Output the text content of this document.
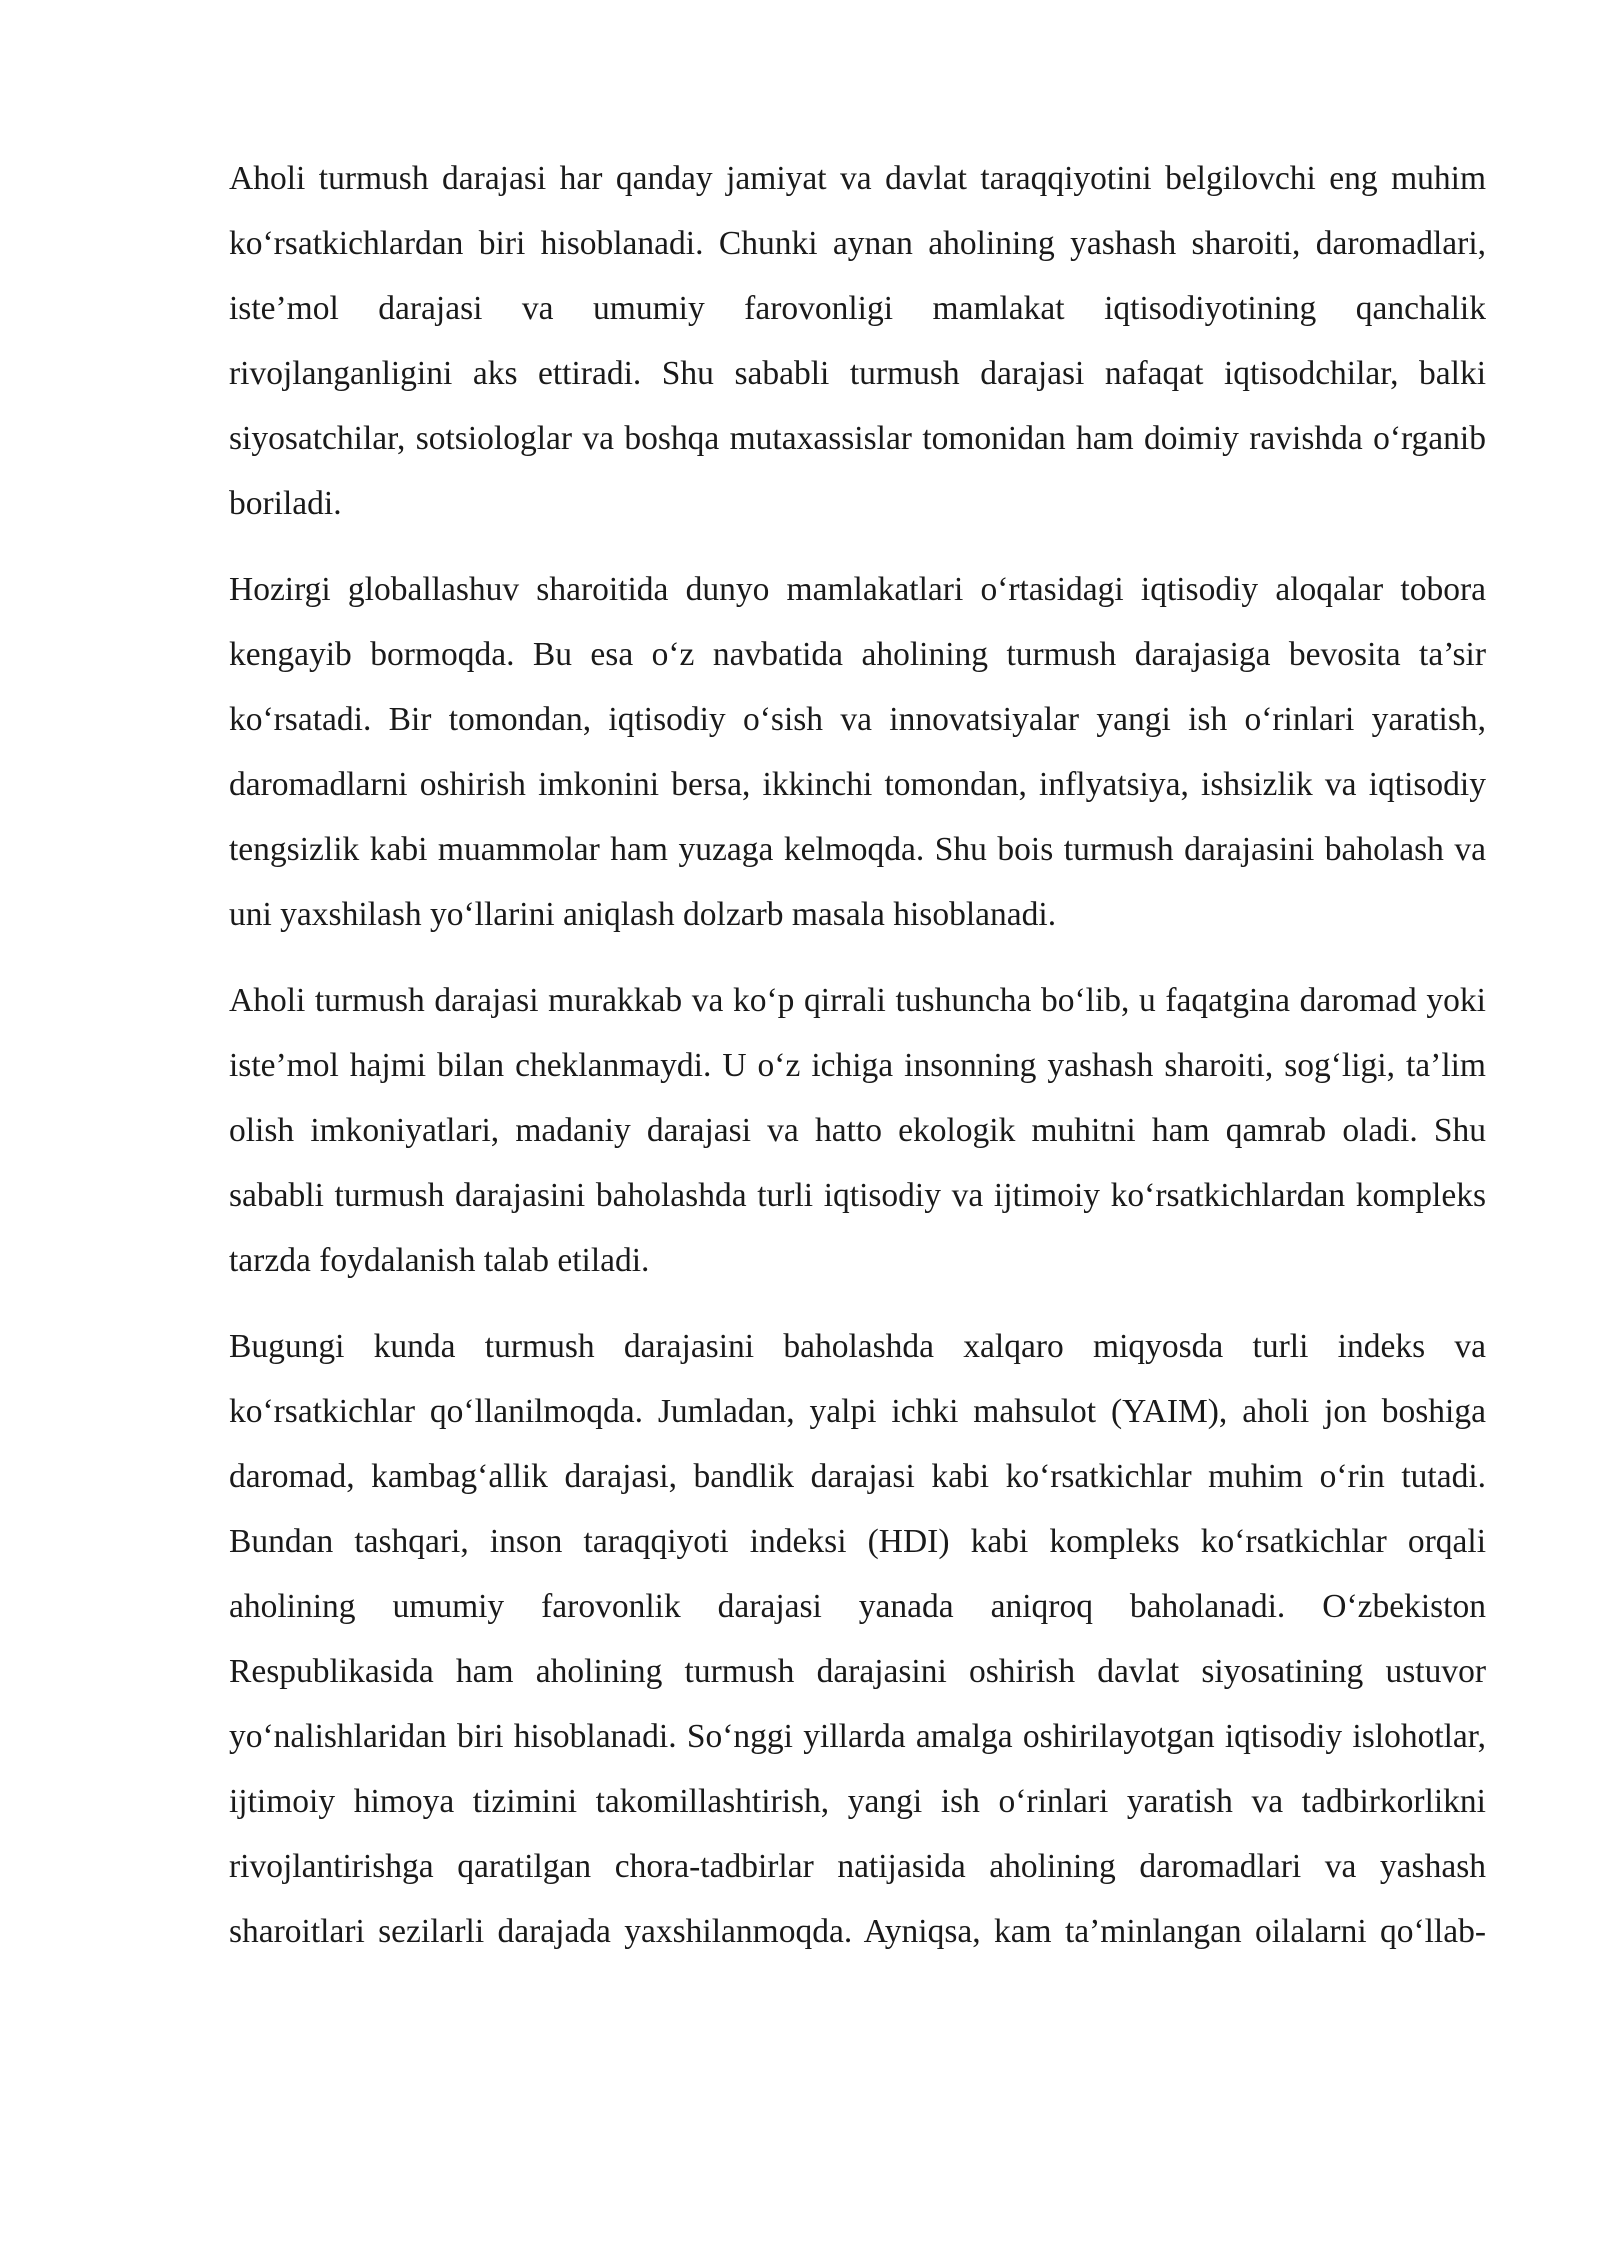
Aholi turmush darajasi har qanday jamiyat va davlat taraqqiyotini belgilovchi eng muhim ko‘rsatkichlardan biri hisoblanadi. Chunki aynan aholining yashash sharoiti, daromadlari, iste’mol darajasi va umumiy farovonligi mamlakat iqtisodiyotining qanchalik rivojlanganligini aks ettiradi. Shu sababli turmush darajasi nafaqat iqtisodchilar, balki siyosatchilar, sotsiologlar va boshqa mutaxassislar tomonidan ham doimiy ravishda o‘rganib boriladi.

Hozirgi globallashuv sharoitida dunyo mamlakatlari o‘rtasidagi iqtisodiy aloqalar tobora kengayib bormoqda. Bu esa o‘z navbatida aholining turmush darajasiga bevosita ta’sir ko‘rsatadi. Bir tomondan, iqtisodiy o‘sish va innovatsiyalar yangi ish o‘rinlari yaratish, daromadlarni oshirish imkonini bersa, ikkinchi tomondan, inflyatsiya, ishsizlik va iqtisodiy tengsizlik kabi muammolar ham yuzaga kelmoqda. Shu bois turmush darajasini baholash va uni yaxshilash yo‘llarini aniqlash dolzarb masala hisoblanadi.

Aholi turmush darajasi murakkab va ko‘p qirrali tushuncha bo‘lib, u faqatgina daromad yoki iste’mol hajmi bilan cheklanmaydi. U o‘z ichiga insonning yashash sharoiti, sog‘ligi, ta’lim olish imkoniyatlari, madaniy darajasi va hatto ekologik muhitni ham qamrab oladi. Shu sababli turmush darajasini baholashda turli iqtisodiy va ijtimoiy ko‘rsatkichlardan kompleks tarzda foydalanish talab etiladi.

Bugungi kunda turmush darajasini baholashda xalqaro miqyosda turli indeks va ko‘rsatkichlar qo‘llanilmoqda. Jumladan, yalpi ichki mahsulot (YAIM), aholi jon boshiga daromad, kambag‘allik darajasi, bandlik darajasi kabi ko‘rsatkichlar muhim o‘rin tutadi. Bundan tashqari, inson taraqqiyoti indeksi (HDI) kabi kompleks ko‘rsatkichlar orqali aholining umumiy farovonlik darajasi yanada aniqroq baholanadi. O‘zbekiston Respublikasida ham aholining turmush darajasini oshirish davlat siyosatining ustuvor yo‘nalishlaridan biri hisoblanadi. So‘nggi yillarda amalga oshirilayotgan iqtisodiy islohotlar, ijtimoiy himoya tizimini takomillashtirish, yangi ish o‘rinlari yaratish va tadbirkorlikni rivojlantirishga qaratilgan chora-tadbirlar natijasida aholining daromadlari va yashash sharoitlari sezilarli darajada yaxshilanmoqda. Ayniqsa, kam ta’minlangan oilalarni qo‘llab-
